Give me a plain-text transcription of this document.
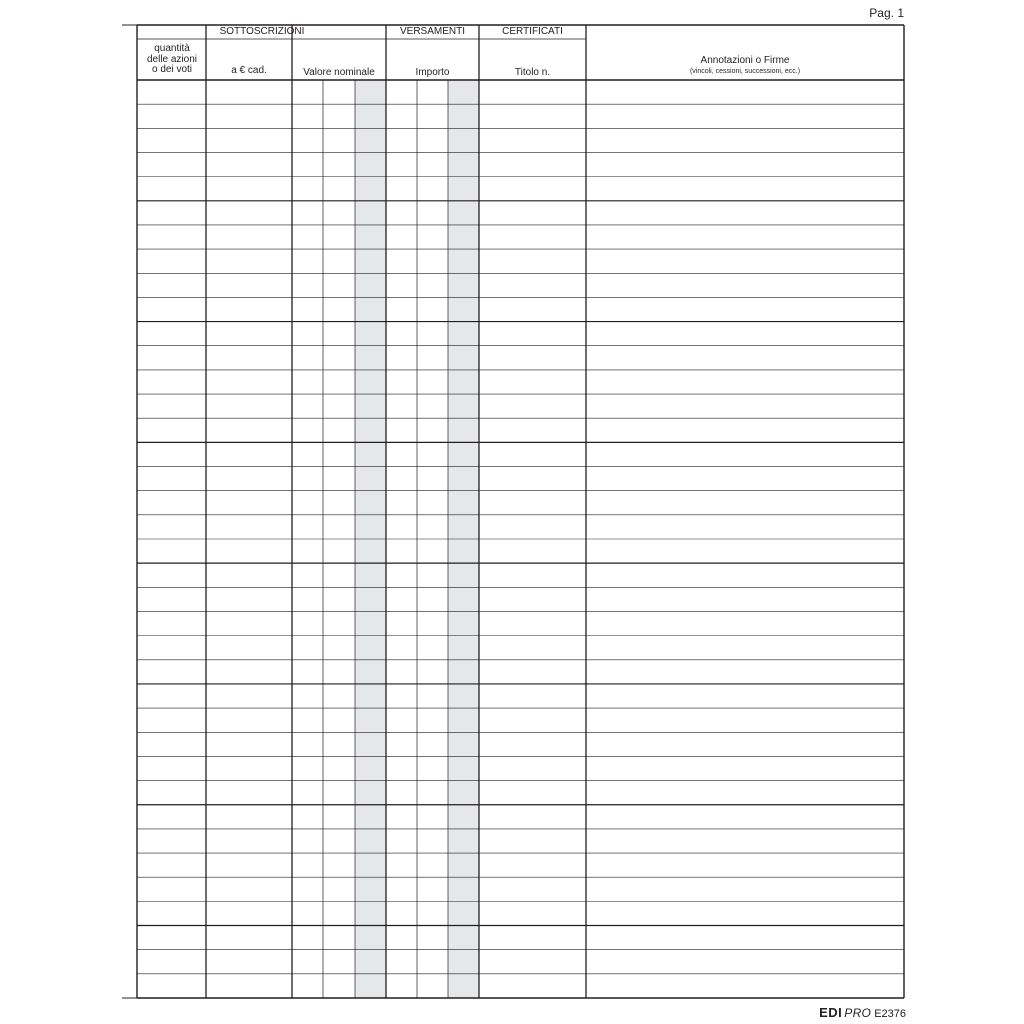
Pag. 1
SOTTOSCRIZIONI	VERSAMENTI	CERTIFICATI
quantità
delle azioni
o dei voti	a € cad.	Valore nominale	Importo	Titolo n.
Annotazioni o Firme
(vincoli, cessioni, successioni, ecc.)
EDI PRO E2376
